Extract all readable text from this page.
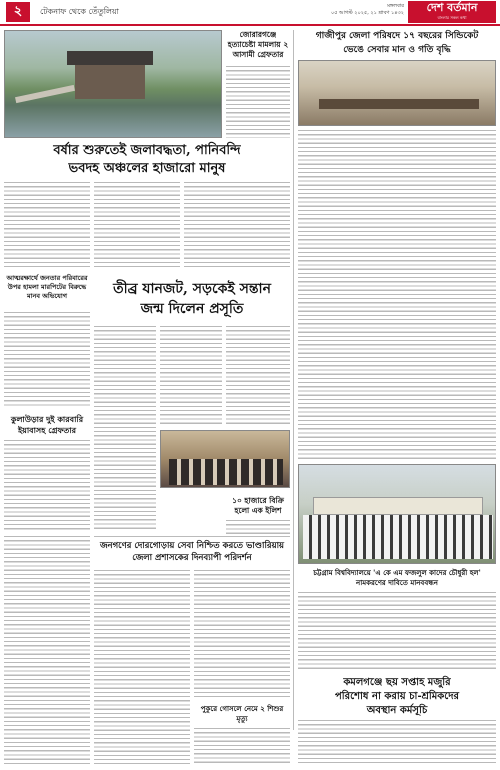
২	টেকনাফ থেকে তেঁতুলিয়া
মঙ্গলবার
০৫ আগস্ট ২০২৫, ২১ শ্রাবণ ১৪৩২	দেশ বর্তমান
বাংলার সকল কথা
জোরারগঞ্জে হত্যাচেষ্টা মামলায় ২ আসামী গ্রেফতার
গাজীপুর জেলা পরিষদে ১৭ বছরের সিন্ডিকেট
ভেঙে সেবার মান ও গতি বৃদ্ধি
বর্ষার শুরুতেই জলাবদ্ধতা, পানিবন্দি
ভবদহ অঞ্চলের হাজারো মানুষ
আত্মরক্ষার্থে জনতার পরিবারের উপর হামলা মারপিটের বিরুদ্ধে মানব অভিযোগ	তীব্র যানজট, সড়কেই সন্তান
জন্ম দিলেন প্রসূতি
কুলাউড়ার দুই কারবারি ইয়াবাসহ গ্রেফতার
১০ হাজারে বিক্রি হলো এক ইলিশ
চট্টগ্রাম বিশ্ববিদ্যালয়ে 'এ কে এম ফজলুল কাদের চৌধুরী হল' নামকরণের দাবিতে মানববন্ধন
জনগণের দোরগোড়ায় সেবা নিশ্চিত করতে ভাণ্ডারিয়ায় জেলা প্রশাসকের দিনব্যাপী পরিদর্শন
পুকুরে গোসলে নেমে ২ শিশুর মৃত্যু
কমলগঞ্জে ছয় সপ্তাহ মজুরি
পরিশোধ না করায় চা-শ্রমিকদের
অবস্থান কর্মসূচি
